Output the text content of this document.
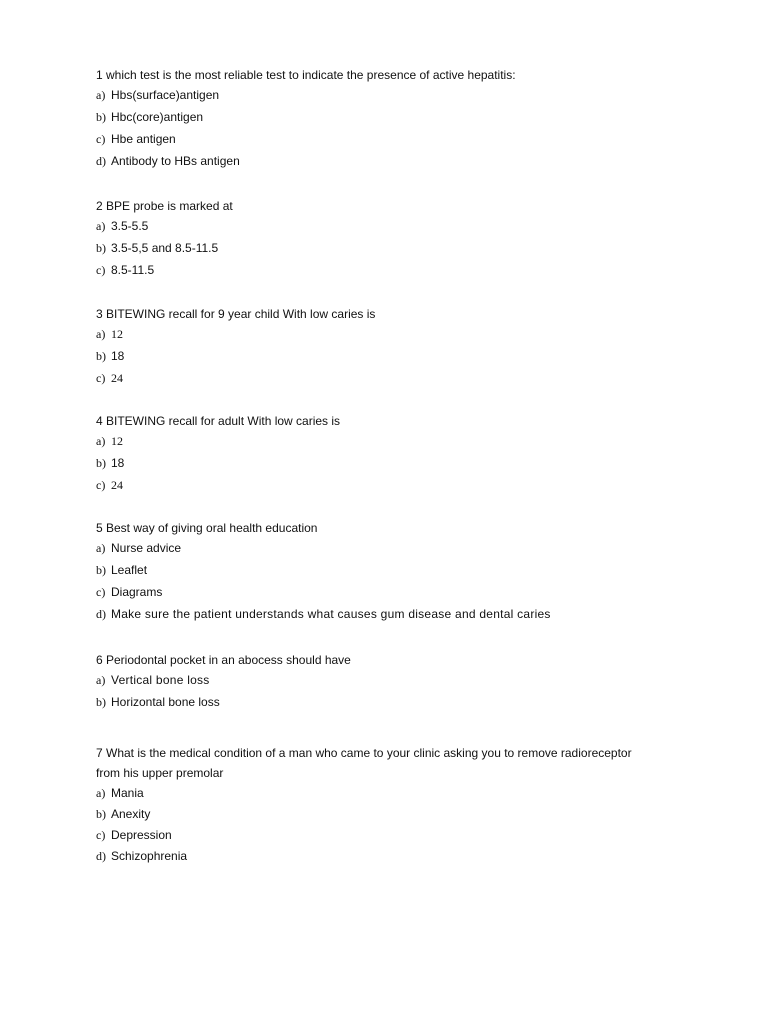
1 which test is the most reliable test to indicate the presence of active hepatitis:

a) Hbs(surface)antigen
b) Hbc(core)antigen
c) Hbe antigen
d) Antibody to HBs antigen

2 BPE probe is marked at

a) 3.5-5.5
b) 3.5-5,5 and 8.5-11.5
c) 8.5-11.5

3 BITEWING recall for 9 year child With low caries is

a) 12
b) 18
c) 24

4 BITEWING recall for adult With low caries is

a) 12
b) 18
c) 24

5 Best way of giving oral health education

a) Nurse advice
b) Leaflet
c) Diagrams
d) Make sure the patient understands what causes gum disease and dental caries

6 Periodontal pocket in an abocess should have

a) Vertical bone loss
b) Horizontal bone loss

7 What is the medical condition of a man who came to your clinic asking you to remove radioreceptor from his upper premolar

a) Mania
b) Anexity
c) Depression
d) Schizophrenia
